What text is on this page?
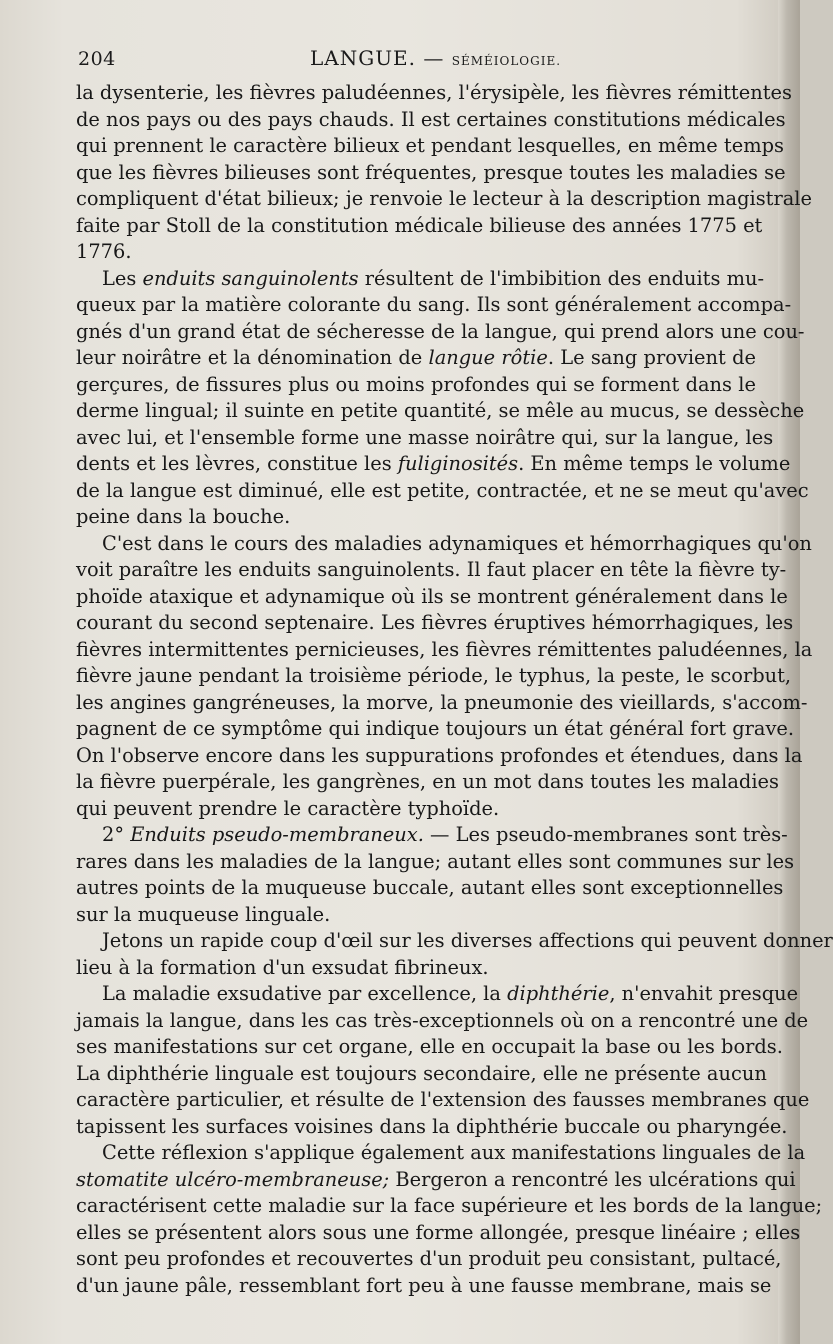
204	LANGUE. — SÉMÉIOLOGIE.
la dysenterie, les fièvres paludéennes, l'érysipèle, les fièvres rémittentes
de nos pays ou des pays chauds. Il est certaines constitutions médicales
qui prennent le caractère bilieux et pendant lesquelles, en même temps
que les fièvres bilieuses sont fréquentes, presque toutes les maladies se
compliquent d'état bilieux; je renvoie le lecteur à la description magistrale
faite par Stoll de la constitution médicale bilieuse des années 1775 et
1776.
Les enduits sanguinolents résultent de l'imbibition des enduits mu-
queux par la matière colorante du sang. Ils sont généralement accompa-
gnés d'un grand état de sécheresse de la langue, qui prend alors une cou-
leur noirâtre et la dénomination de langue rôtie. Le sang provient de
gerçures, de fissures plus ou moins profondes qui se forment dans le
derme lingual; il suinte en petite quantité, se mêle au mucus, se dessèche
avec lui, et l'ensemble forme une masse noirâtre qui, sur la langue, les
dents et les lèvres, constitue les fuliginosités. En même temps le volume
de la langue est diminué, elle est petite, contractée, et ne se meut qu'avec
peine dans la bouche.
C'est dans le cours des maladies adynamiques et hémorrhagiques qu'on
voit paraître les enduits sanguinolents. Il faut placer en tête la fièvre ty-
phoïde ataxique et adynamique où ils se montrent généralement dans le
courant du second septenaire. Les fièvres éruptives hémorrhagiques, les
fièvres intermittentes pernicieuses, les fièvres rémittentes paludéennes, la
fièvre jaune pendant la troisième période, le typhus, la peste, le scorbut,
les angines gangréneuses, la morve, la pneumonie des vieillards, s'accom-
pagnent de ce symptôme qui indique toujours un état général fort grave.
On l'observe encore dans les suppurations profondes et étendues, dans la
la fièvre puerpérale, les gangrènes, en un mot dans toutes les maladies
qui peuvent prendre le caractère typhoïde.
2° Enduits pseudo-membraneux. — Les pseudo-membranes sont très-
rares dans les maladies de la langue; autant elles sont communes sur les
autres points de la muqueuse buccale, autant elles sont exceptionnelles
sur la muqueuse linguale.
Jetons un rapide coup d'œil sur les diverses affections qui peuvent donner
lieu à la formation d'un exsudat fibrineux.
La maladie exsudative par excellence, la diphthérie, n'envahit presque
jamais la langue, dans les cas très-exceptionnels où on a rencontré une de
ses manifestations sur cet organe, elle en occupait la base ou les bords.
La diphthérie linguale est toujours secondaire, elle ne présente aucun
caractère particulier, et résulte de l'extension des fausses membranes que
tapissent les surfaces voisines dans la diphthérie buccale ou pharyngée.
Cette réflexion s'applique également aux manifestations linguales de la
stomatite ulcéro-membraneuse; Bergeron a rencontré les ulcérations qui
caractérisent cette maladie sur la face supérieure et les bords de la langue;
elles se présentent alors sous une forme allongée, presque linéaire ; elles
sont peu profondes et recouvertes d'un produit peu consistant, pultacé,
d'un jaune pâle, ressemblant fort peu à une fausse membrane, mais se
